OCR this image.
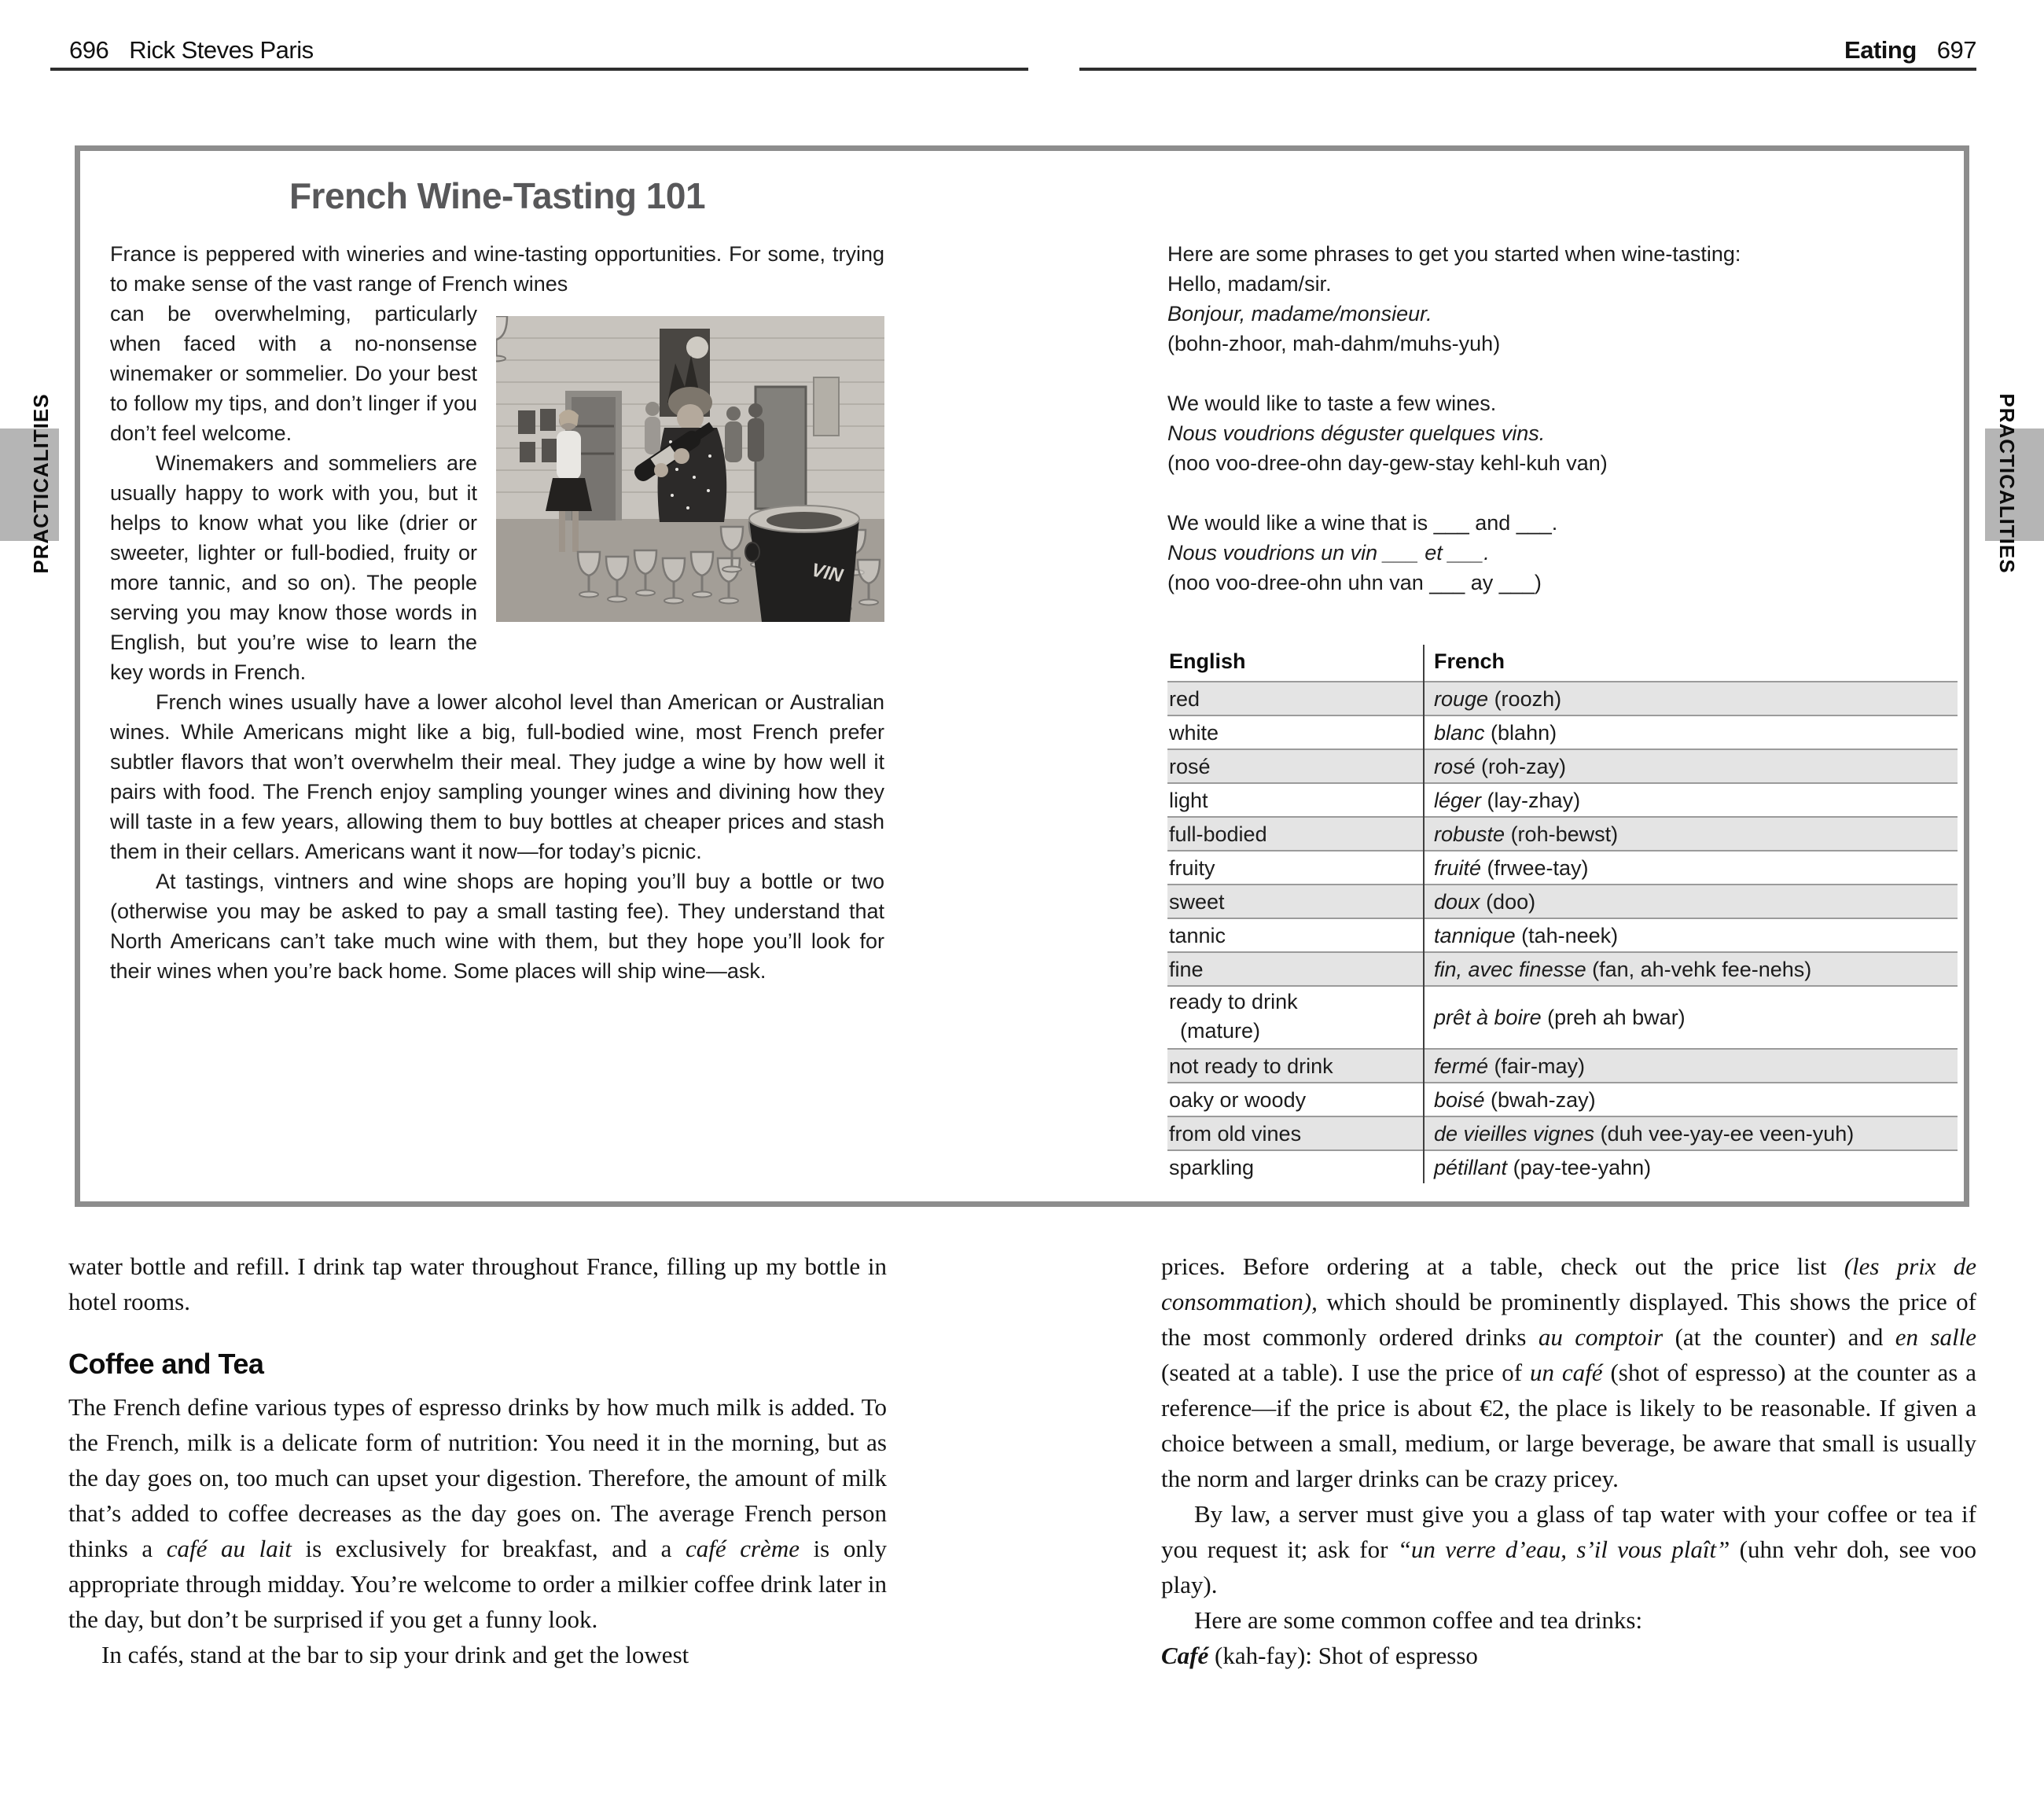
696 Rick Steves Paris	Eating 697
PRACTICALITIES	PRACTICALITIES
French Wine-Tasting 101

France is peppered with wineries and wine-tasting opportunities. For some, trying to make sense of the vast range of French wines

VIN

can be overwhelming, particularly when faced with a no-nonsense winemaker or sommelier. Do your best to follow my tips, and don’t linger if you don’t feel welcome.

Winemakers and sommeliers are usually happy to work with you, but it helps to know what you like (drier or sweeter, lighter or full-bodied, fruity or more tannic, and so on). The people serving you may know those words in English, but you’re wise to learn the key words in French.

French wines usually have a lower alcohol level than American or Australian wines. While Americans might like a big, full-bodied wine, most French prefer subtler flavors that won’t overwhelm their meal. They judge a wine by how well it pairs with food. The French enjoy sampling younger wines and divining how they will taste in a few years, allowing them to buy bottles at cheaper prices and stash them in their cellars. Americans want it now—for today’s picnic.

At tastings, vintners and wine shops are hoping you’ll buy a bottle or two (otherwise you may be asked to pay a small tasting fee). They understand that North Americans can’t take much wine with them, but they hope you’ll look for their wines when you’re back home. Some places will ship wine—ask.

Here are some phrases to get you started when wine-tasting:

Hello, madam/sir.
Bonjour, madame/monsieur.
(bohn-zhoor, mah-dahm/muhs-yuh)
We would like to taste a few wines.
Nous voudrions déguster quelques vins.
(noo voo-dree-ohn day-gew-stay kehl-kuh van)
We would like a wine that is ___ and ___.
Nous voudrions un vin ___ et ___.
(noo voo-dree-ohn uhn van ___ ay ___)
English	French
red	rouge (roozh)
white	blanc (blahn)
rosé	rosé (roh-zay)
light	léger (lay-zhay)
full-bodied	robuste (roh-bewst)
fruity	fruité (frwee-tay)
sweet	doux (doo)
tannic	tannique (tah-neek)
fine	fin, avec finesse (fan, ah-vehk fee-nehs)
ready to drink
(mature)	prêt à boire (preh ah bwar)
not ready to drink	fermé (fair-may)
oaky or woody	boisé (bwah-zay)
from old vines	de vieilles vignes (duh vee-yay-ee veen-yuh)
sparkling	pétillant (pay-tee-yahn)

water bottle and refill. I drink tap water throughout France, filling up my bottle in hotel rooms.

Coffee and Tea

The French define various types of espresso drinks by how much milk is added. To the French, milk is a delicate form of nutrition: You need it in the morning, but as the day goes on, too much can upset your digestion. Therefore, the amount of milk that’s added to coffee decreases as the day goes on. The average French person thinks a café au lait is exclusively for breakfast, and a café crème is only appropriate through midday. You’re welcome to order a milkier coffee drink later in the day, but don’t be surprised if you get a funny look.

In cafés, stand at the bar to sip your drink and get the lowest

prices. Before ordering at a table, check out the price list (les prix de consommation), which should be prominently displayed. This shows the price of the most commonly ordered drinks au comptoir (at the counter) and en salle (seated at a table). I use the price of un café (shot of espresso) at the counter as a reference—if the price is about €2, the place is likely to be reasonable. If given a choice between a small, medium, or large beverage, be aware that small is usually the norm and larger drinks can be crazy pricey.

By law, a server must give you a glass of tap water with your coffee or tea if you request it; ask for “un verre d’eau, s’il vous plaît” (uhn vehr doh, see voo play).

Here are some common coffee and tea drinks:

Café (kah-fay): Shot of espresso
